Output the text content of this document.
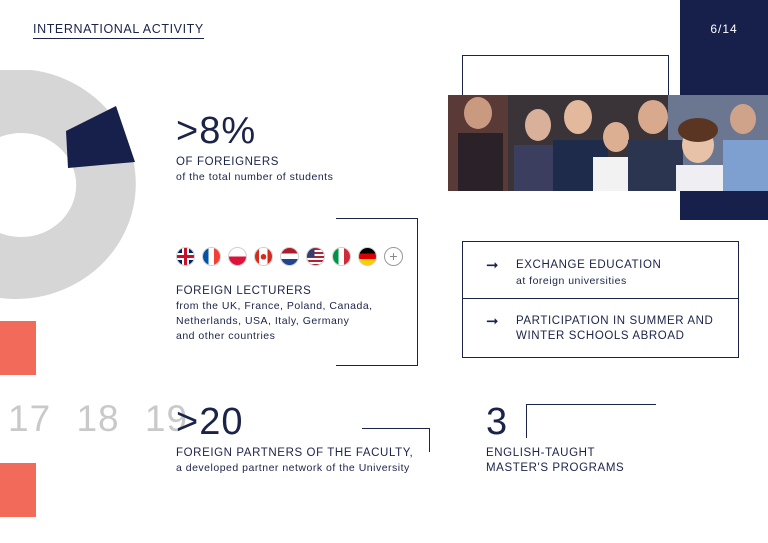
INTERNATIONAL ACTIVITY	6/14
>8%
OF FOREIGNERS
of the total number of students
+
FOREIGN LECTURERS
from the UK, France, Poland, Canada,
Netherlands, USA, Italy, Germany
and other countries
➞ EXCHANGE EDUCATION
at foreign universities
➞ PARTICIPATION IN SUMMER AND
WINTER SCHOOLS ABROAD
17 18 19
>20
FOREIGN PARTNERS OF THE FACULTY,
a developed partner network of the University
3
ENGLISH-TAUGHT
MASTER'S PROGRAMS
